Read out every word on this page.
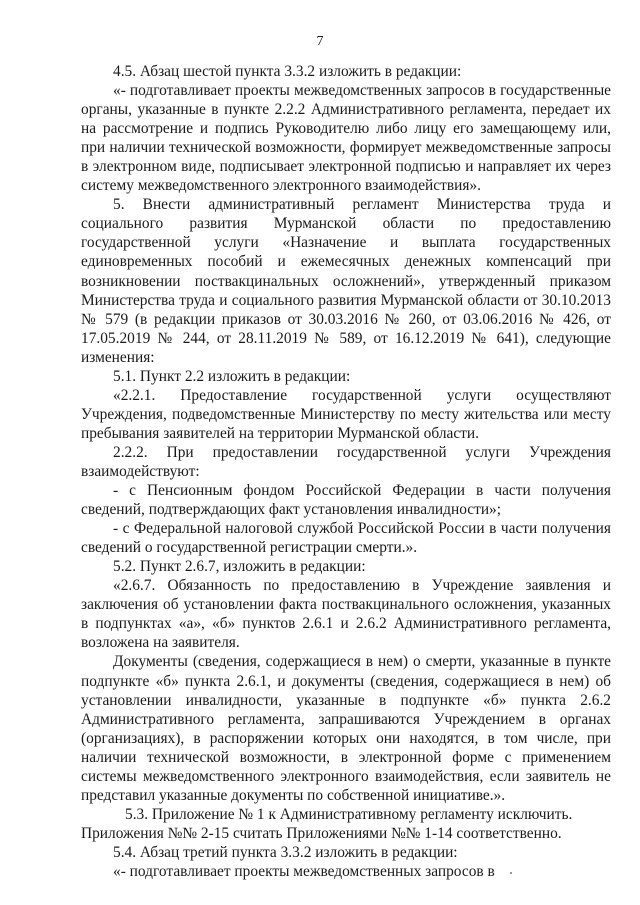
7

4.5. Абзац шестой пункта 3.3.2 изложить в редакции:

«- подготавливает проекты межведомственных запросов в государственные органы, указанные в пункте 2.2.2 Административного регламента, передает их на рассмотрение и подпись Руководителю либо лицу его замещающему или, при наличии технической возможности, формирует межведомственные запросы в электронном виде, подписывает электронной подписью и направляет их через систему межведомственного электронного взаимодействия».

5. Внести административный регламент Министерства труда и социального развития Мурманской области по предоставлению государственной услуги «Назначение и выплата государственных единовременных пособий и ежемесячных денежных компенсаций при возникновении поствакцинальных осложнений», утвержденный приказом Министерства труда и социального развития Мурманской области от 30.10.2013 № 579 (в редакции приказов от 30.03.2016 № 260, от 03.06.2016 № 426, от 17.05.2019 № 244, от 28.11.2019 № 589, от 16.12.2019 № 641), следующие изменения:

5.1. Пункт 2.2 изложить в редакции:

«2.2.1. Предоставление государственной услуги осуществляют Учреждения, подведомственные Министерству по месту жительства или месту пребывания заявителей на территории Мурманской области.

2.2.2. При предоставлении государственной услуги Учреждения взаимодействуют:

- с Пенсионным фондом Российской Федерации в части получения сведений, подтверждающих факт установления инвалидности»;

- с Федеральной налоговой службой Российской России в части получения сведений о государственной регистрации смерти.».

5.2. Пункт 2.6.7, изложить в редакции:

«2.6.7. Обязанность по предоставлению в Учреждение заявления и заключения об установлении факта поствакцинального осложнения, указанных в подпунктах «а», «б» пунктов 2.6.1 и 2.6.2 Административного регламента, возложена на заявителя.

Документы (сведения, содержащиеся в нем) о смерти, указанные в пункте подпункте «б» пункта 2.6.1, и документы (сведения, содержащиеся в нем) об установлении инвалидности, указанные в подпункте «б» пункта 2.6.2 Административного регламента, запрашиваются Учреждением в органах (организациях), в распоряжении которых они находятся, в том числе, при наличии технической возможности, в электронной форме с применением системы межведомственного электронного взаимодействия, если заявитель не представил указанные документы по собственной инициативе.».

5.3. Приложение № 1 к Административному регламенту исключить.

Приложения №№ 2-15 считать Приложениями №№ 1-14 соответственно.

5.4. Абзац третий пункта 3.3.2 изложить в редакции:

«- подготавливает проекты межведомственных запросов в
